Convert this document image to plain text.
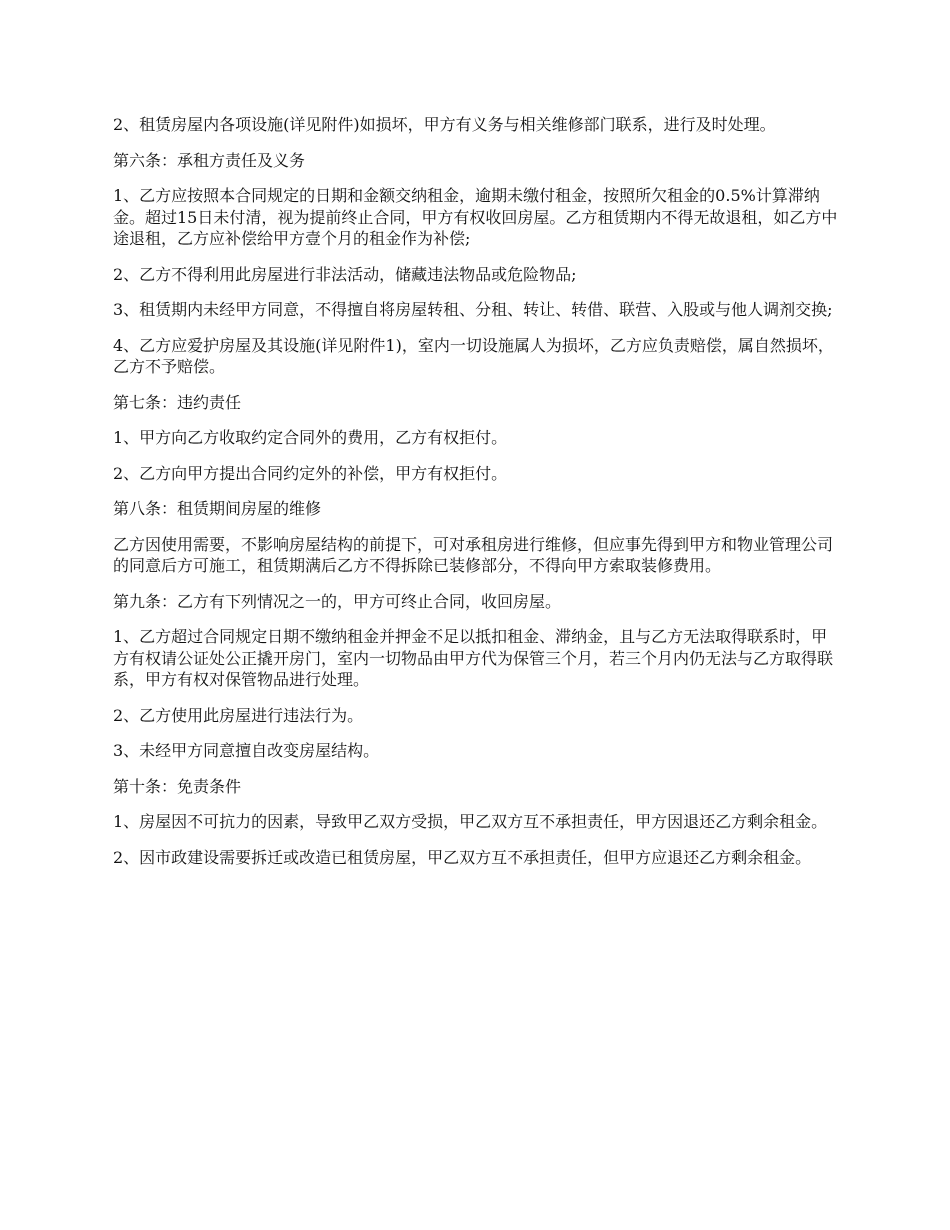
2、租赁房屋内各项设施(详见附件)如损坏，甲方有义务与相关维修部门联系，进行及时处理。

第六条：承租方责任及义务

1、乙方应按照本合同规定的日期和金额交纳租金，逾期未缴付租金，按照所欠租金的0.5%计算滞纳金。超过15日未付清，视为提前终止合同，甲方有权收回房屋。乙方租赁期内不得无故退租，如乙方中途退租，乙方应补偿给甲方壹个月的租金作为补偿;

2、乙方不得利用此房屋进行非法活动，储藏违法物品或危险物品;

3、租赁期内未经甲方同意，不得擅自将房屋转租、分租、转让、转借、联营、入股或与他人调剂交换;

4、乙方应爱护房屋及其设施(详见附件1)，室内一切设施属人为损坏，乙方应负责赔偿，属自然损坏，乙方不予赔偿。

第七条：违约责任

1、甲方向乙方收取约定合同外的费用，乙方有权拒付。

2、乙方向甲方提出合同约定外的补偿，甲方有权拒付。

第八条：租赁期间房屋的维修

乙方因使用需要，不影响房屋结构的前提下，可对承租房进行维修，但应事先得到甲方和物业管理公司的同意后方可施工，租赁期满后乙方不得拆除已装修部分，不得向甲方索取装修费用。

第九条：乙方有下列情况之一的，甲方可终止合同，收回房屋。

1、乙方超过合同规定日期不缴纳租金并押金不足以抵扣租金、滞纳金，且与乙方无法取得联系时，甲方有权请公证处公正撬开房门，室内一切物品由甲方代为保管三个月，若三个月内仍无法与乙方取得联系，甲方有权对保管物品进行处理。

2、乙方使用此房屋进行违法行为。

3、未经甲方同意擅自改变房屋结构。

第十条：免责条件

1、房屋因不可抗力的因素，导致甲乙双方受损，甲乙双方互不承担责任，甲方因退还乙方剩余租金。

2、因市政建设需要拆迁或改造已租赁房屋，甲乙双方互不承担责任，但甲方应退还乙方剩余租金。
